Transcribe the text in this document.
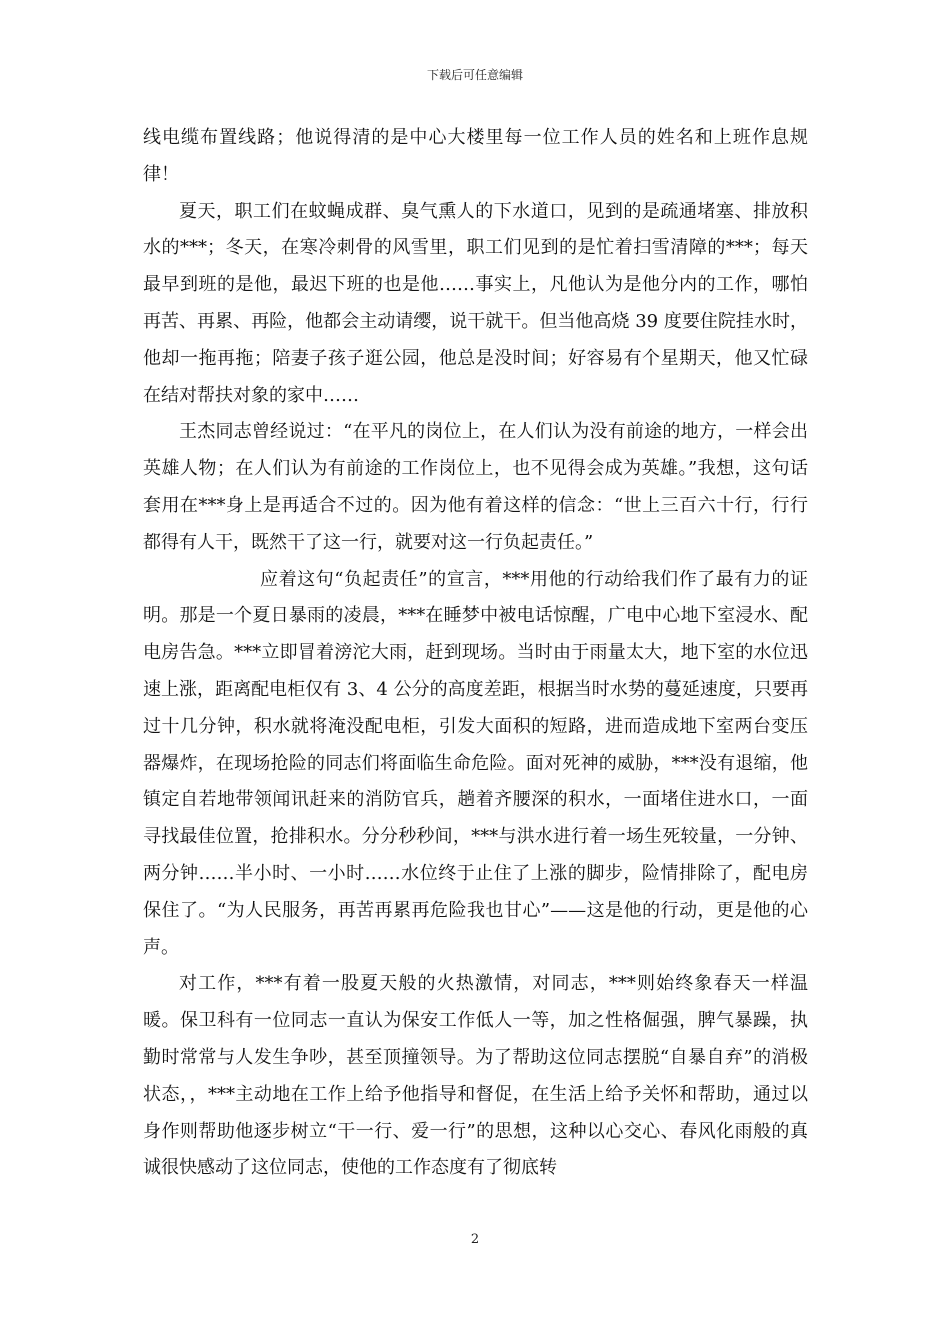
下载后可任意编辑

线电缆布置线路；他说得清的是中心大楼里每一位工作人员的姓名和上班作息规律！

夏天，职工们在蚊蝇成群、臭气熏人的下水道口，见到的是疏通堵塞、排放积水的***；冬天，在寒冷刺骨的风雪里，职工们见到的是忙着扫雪清障的***；每天最早到班的是他，最迟下班的也是他……事实上，凡他认为是他分内的工作，哪怕再苦、再累、再险，他都会主动请缨，说干就干。但当他高烧 39 度要住院挂水时，他却一拖再拖；陪妻子孩子逛公园，他总是没时间；好容易有个星期天，他又忙碌在结对帮扶对象的家中……

王杰同志曾经说过：“在平凡的岗位上，在人们认为没有前途的地方，一样会出英雄人物；在人们认为有前途的工作岗位上，也不见得会成为英雄。”我想，这句话套用在***身上是再适合不过的。因为他有着这样的信念：“世上三百六十行，行行都得有人干，既然干了这一行，就要对这一行负起责任。”

应着这句“负起责任”的宣言，***用他的行动给我们作了最有力的证明。那是一个夏日暴雨的凌晨，***在睡梦中被电话惊醒，广电中心地下室浸水、配电房告急。***立即冒着滂沱大雨，赶到现场。当时由于雨量太大，地下室的水位迅速上涨，距离配电柜仅有 3、4 公分的高度差距，根据当时水势的蔓延速度，只要再过十几分钟，积水就将淹没配电柜，引发大面积的短路，进而造成地下室两台变压器爆炸，在现场抢险的同志们将面临生命危险。面对死神的威胁，***没有退缩，他镇定自若地带领闻讯赶来的消防官兵，趟着齐腰深的积水，一面堵住进水口，一面寻找最佳位置，抢排积水。分分秒秒间，***与洪水进行着一场生死较量，一分钟、两分钟……半小时、一小时……水位终于止住了上涨的脚步，险情排除了，配电房保住了。“为人民服务，再苦再累再危险我也甘心”——这是他的行动，更是他的心声。

对工作，***有着一股夏天般的火热激情，对同志，***则始终象春天一样温暖。保卫科有一位同志一直认为保安工作低人一等，加之性格倔强，脾气暴躁，执勤时常常与人发生争吵，甚至顶撞领导。为了帮助这位同志摆脱“自暴自弃”的消极状态，，***主动地在工作上给予他指导和督促，在生活上给予关怀和帮助，通过以身作则帮助他逐步树立“干一行、爱一行”的思想，这种以心交心、春风化雨般的真诚很快感动了这位同志，使他的工作态度有了彻底转

2
